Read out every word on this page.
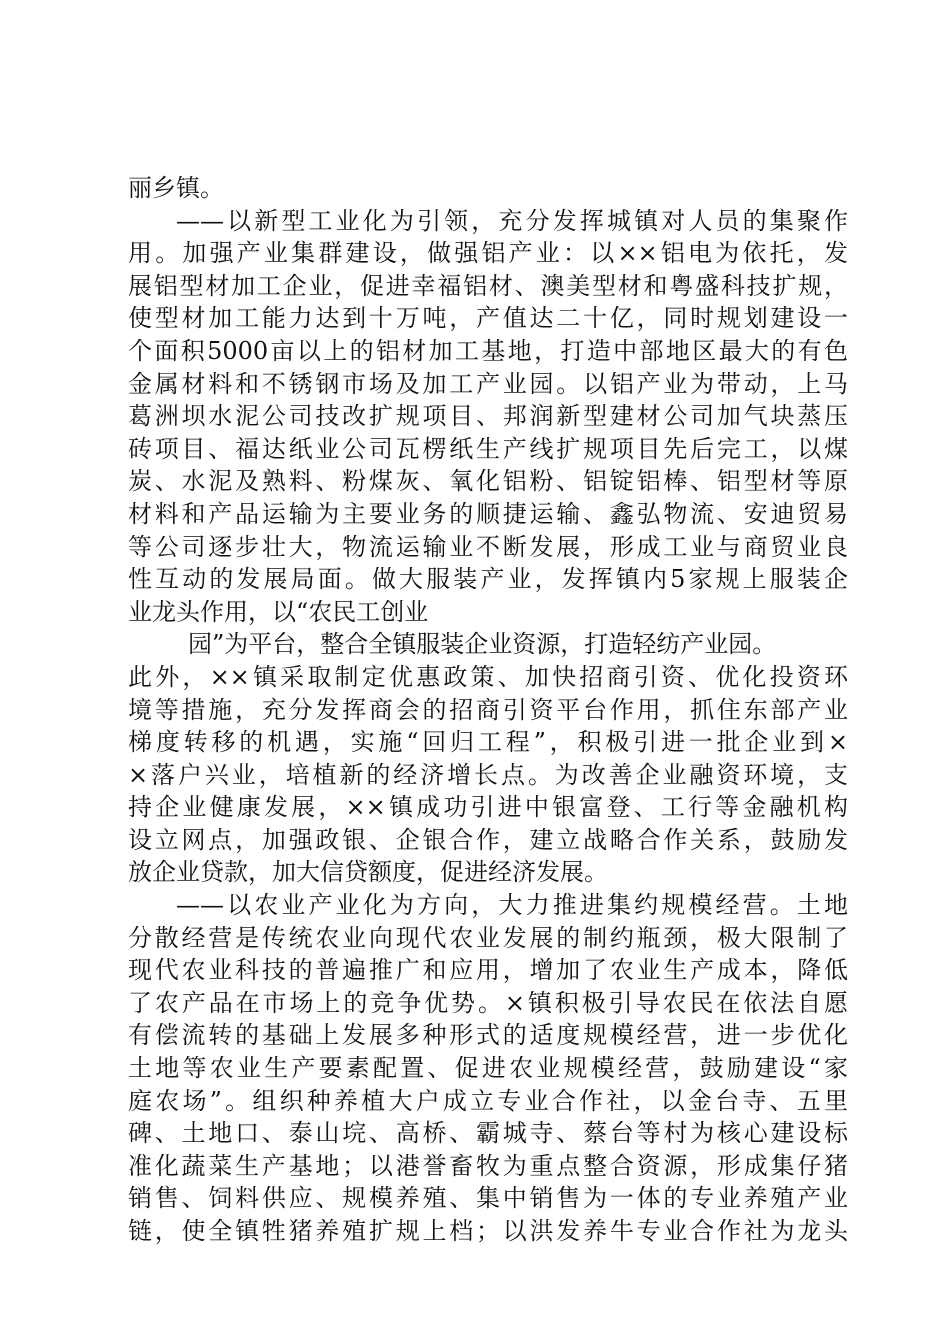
丽乡镇。
——以新型工业化为引领，充分发挥城镇对人员的集聚作
用。加强产业集群建设，做强铝产业：以××铝电为依托，发
展铝型材加工企业，促进幸福铝材、澳美型材和粤盛科技扩规，
使型材加工能力达到十万吨，产值达二十亿，同时规划建设一
个面积5000亩以上的铝材加工基地，打造中部地区最大的有色
金属材料和不锈钢市场及加工产业园。以铝产业为带动，上马
葛洲坝水泥公司技改扩规项目、邦润新型建材公司加气块蒸压
砖项目、福达纸业公司瓦楞纸生产线扩规项目先后完工，以煤
炭、水泥及熟料、粉煤灰、氧化铝粉、铝锭铝棒、铝型材等原
材料和产品运输为主要业务的顺捷运输、鑫弘物流、安迪贸易
等公司逐步壮大，物流运输业不断发展，形成工业与商贸业良
性互动的发展局面。做大服装产业，发挥镇内5家规上服装企
业龙头作用，以“农民工创业
园”为平台，整合全镇服装企业资源，打造轻纺产业园。
此外，××镇采取制定优惠政策、加快招商引资、优化投资环
境等措施，充分发挥商会的招商引资平台作用，抓住东部产业
梯度转移的机遇，实施“回归工程”，积极引进一批企业到×
×落户兴业，培植新的经济增长点。为改善企业融资环境，支
持企业健康发展，××镇成功引进中银富登、工行等金融机构
设立网点，加强政银、企银合作，建立战略合作关系，鼓励发
放企业贷款，加大信贷额度，促进经济发展。
——以农业产业化为方向，大力推进集约规模经营。土地
分散经营是传统农业向现代农业发展的制约瓶颈，极大限制了
现代农业科技的普遍推广和应用，增加了农业生产成本，降低
了农产品在市场上的竞争优势。×镇积极引导农民在依法自愿
有偿流转的基础上发展多种形式的适度规模经营，进一步优化
土地等农业生产要素配置、促进农业规模经营，鼓励建设“家
庭农场”。组织种养植大户成立专业合作社，以金台寺、五里
碑、土地口、泰山垸、高桥、霸城寺、蔡台等村为核心建设标
准化蔬菜生产基地；以港誉畜牧为重点整合资源，形成集仔猪
销售、饲料供应、规模养殖、集中销售为一体的专业养殖产业
链，使全镇牲猪养殖扩规上档；以洪发养牛专业合作社为龙头
